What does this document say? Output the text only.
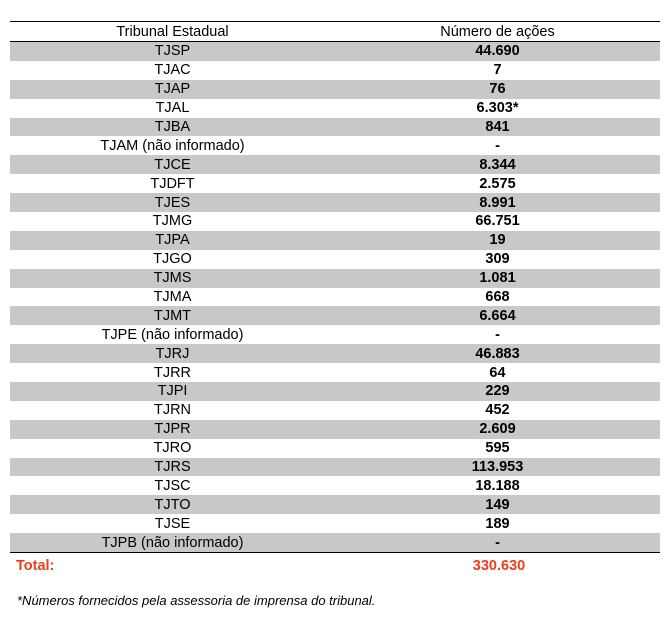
Tribunal Estadual	Número de ações
TJSP	44.690
TJAC	7
TJAP	76
TJAL	6.303*
TJBA	841
TJAM (não informado)	-
TJCE	8.344
TJDFT	2.575
TJES	8.991
TJMG	66.751
TJPA	19
TJGO	309
TJMS	1.081
TJMA	668
TJMT	6.664
TJPE (não informado)	-
TJRJ	46.883
TJRR	64
TJPI	229
TJRN	452
TJPR	2.609
TJRO	595
TJRS	113.953
TJSC	18.188
TJTO	149
TJSE	189
TJPB (não informado)	-
Total:	330.630
*Números fornecidos pela assessoria de imprensa do tribunal.
